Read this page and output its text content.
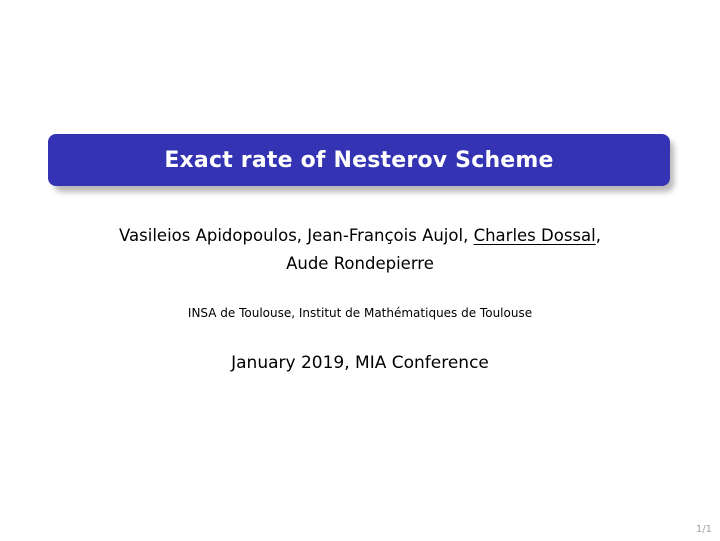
Exact rate of Nesterov Scheme
Vasileios Apidopoulos, Jean-François Aujol, Charles Dossal,
Aude Rondepierre
INSA de Toulouse, Institut de Mathématiques de Toulouse
January 2019, MIA Conference
1/1
